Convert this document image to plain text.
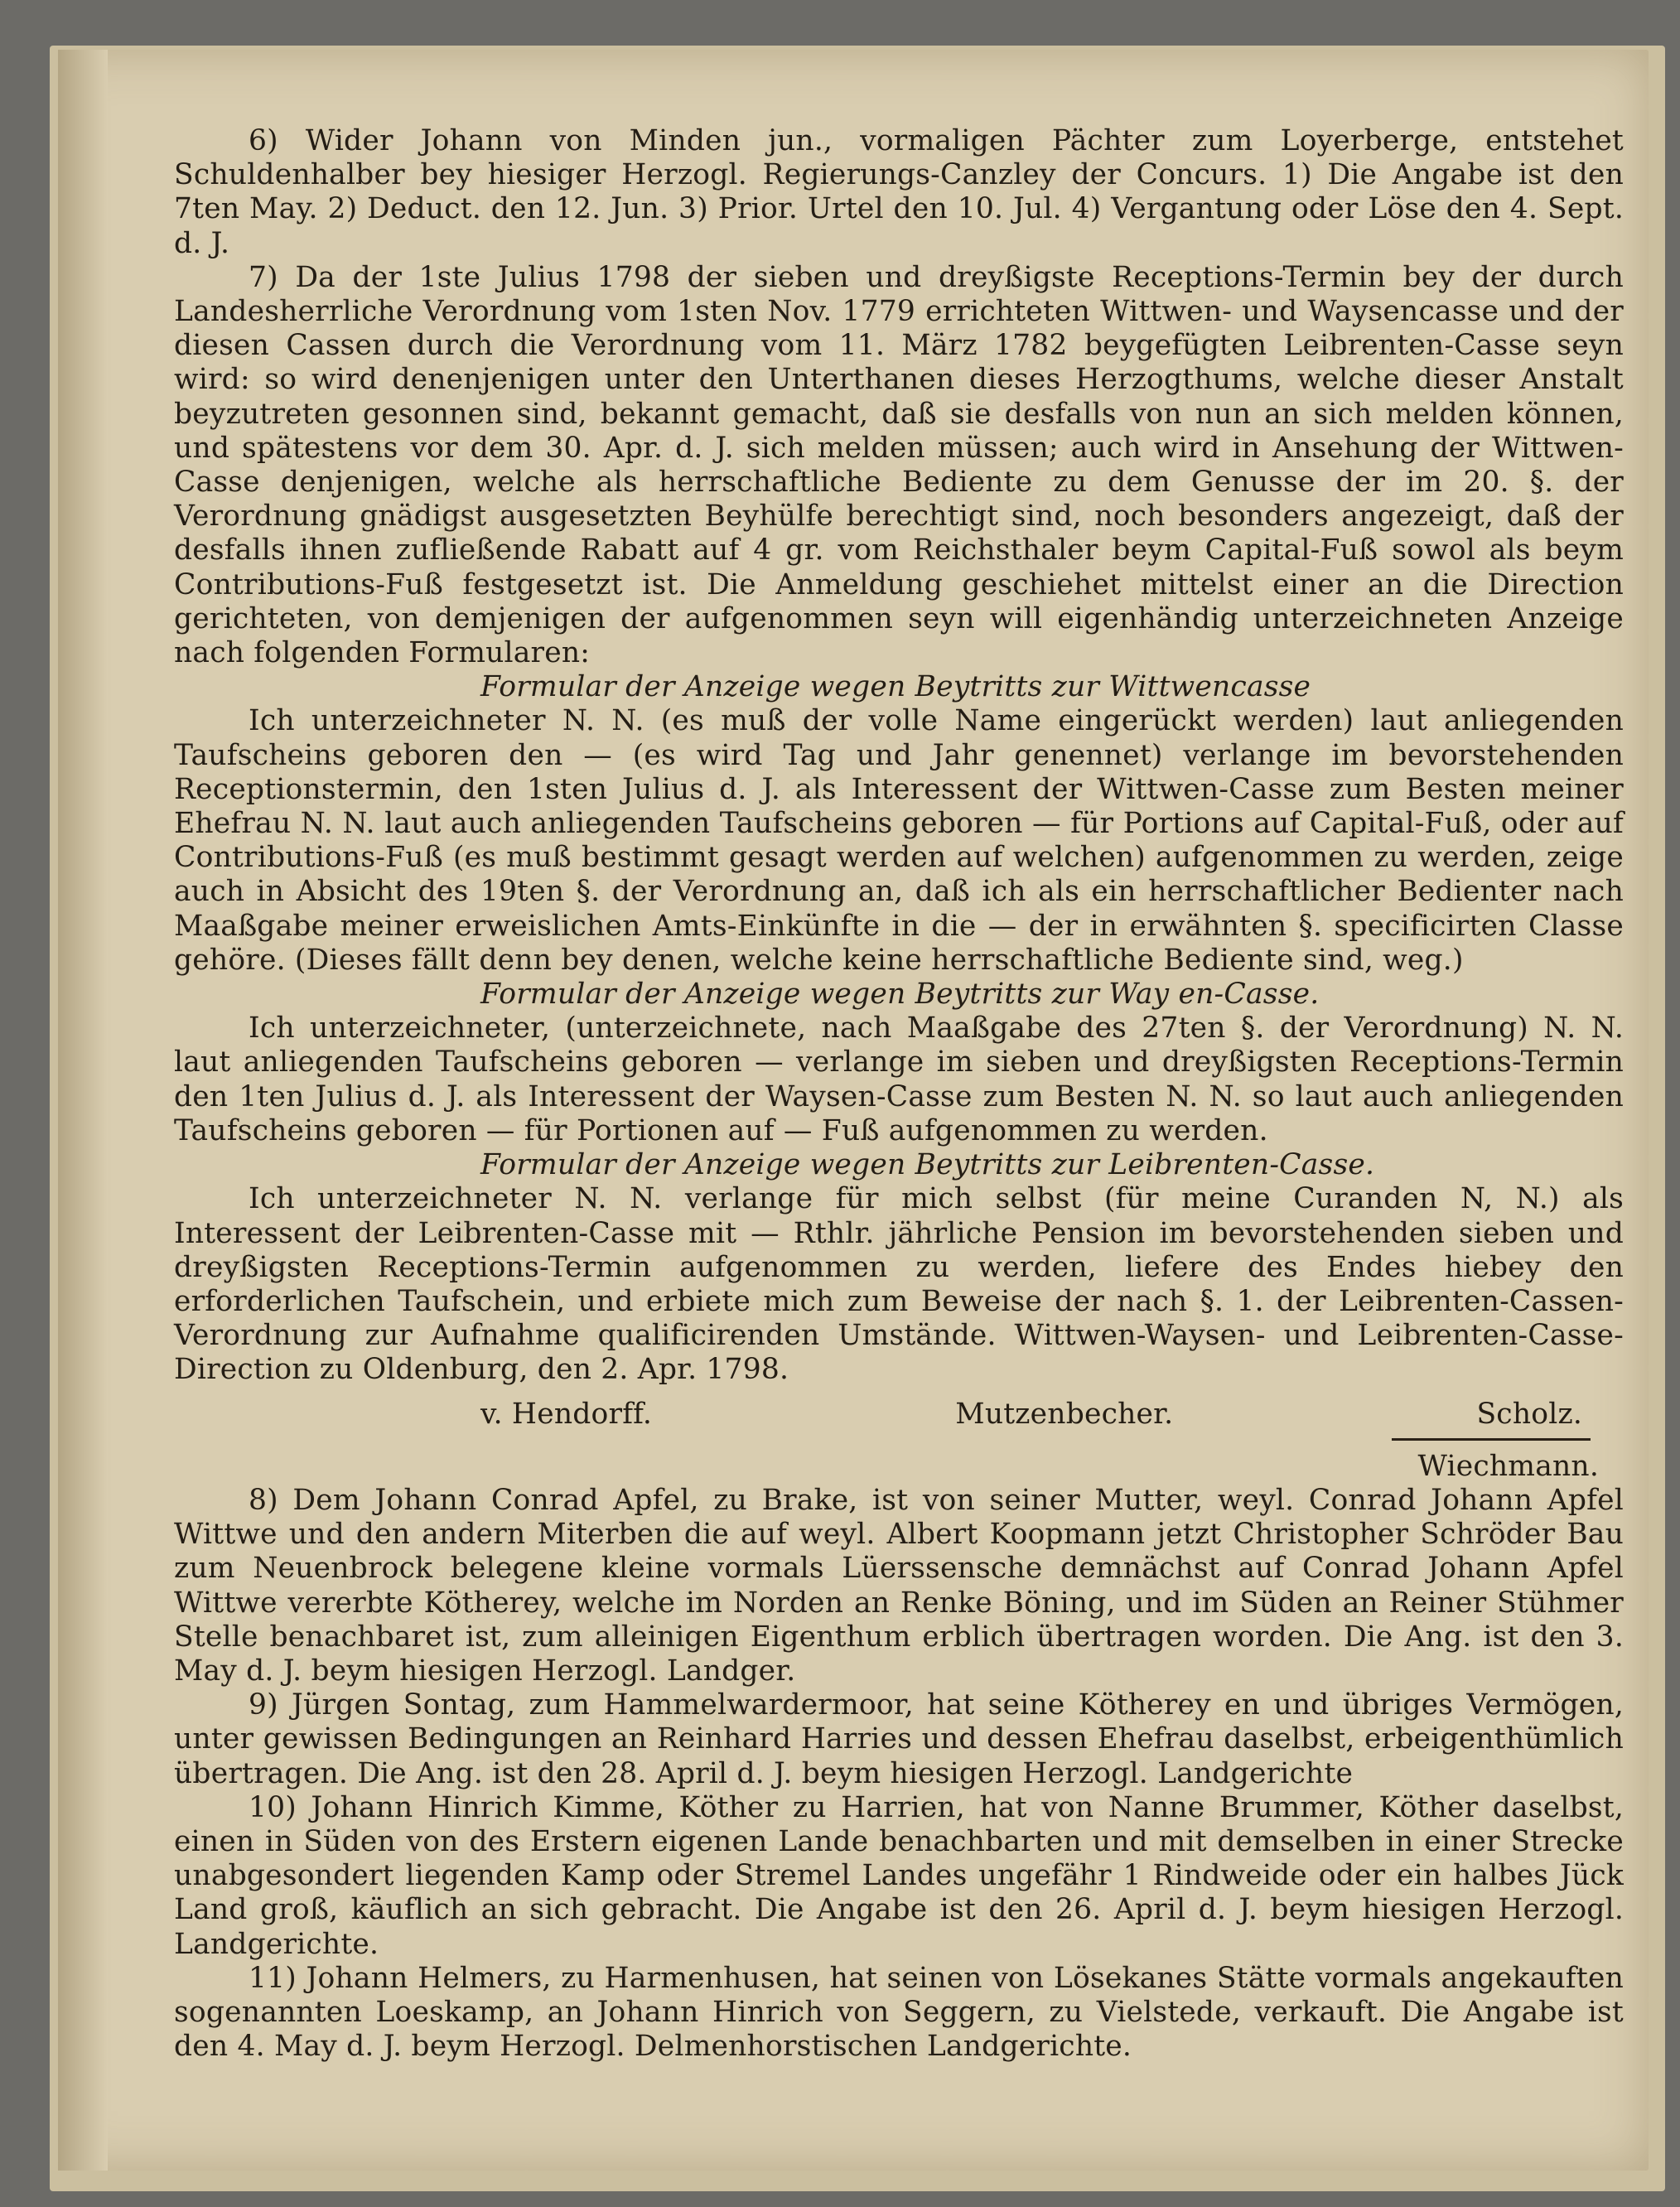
6) Wider Johann von Minden jun., vormaligen Pächter zum Loyerberge, entstehet Schuldenhalber bey hiesiger Herzogl. Regierungs-Canzley der Concurs. 1) Die Angabe ist den 7ten May. 2) Deduct. den 12. Jun. 3) Prior. Urtel den 10. Jul. 4) Vergantung oder Löse den 4. Sept. d. J.

7) Da der 1ste Julius 1798 der sieben und dreyßigste Receptions-Termin bey der durch Landesherrliche Verordnung vom 1sten Nov. 1779 errichteten Wittwen- und Waysencasse und der diesen Cassen durch die Verordnung vom 11. März 1782 beygefügten Leibrenten-Casse seyn wird: so wird denenjenigen unter den Unterthanen dieses Herzogthums, welche dieser Anstalt beyzutreten gesonnen sind, bekannt gemacht, daß sie desfalls von nun an sich melden können, und spätestens vor dem 30. Apr. d. J. sich melden müssen; auch wird in Ansehung der Wittwen-Casse denjenigen, welche als herrschaftliche Bediente zu dem Genusse der im 20. §. der Verordnung gnädigst ausgesetzten Beyhülfe berechtigt sind, noch besonders angezeigt, daß der desfalls ihnen zufließende Rabatt auf 4 gr. vom Reichsthaler beym Capital-Fuß sowol als beym Contributions-Fuß festgesetzt ist. Die Anmeldung geschiehet mittelst einer an die Direction gerichteten, von demjenigen der aufgenommen seyn will eigenhändig unterzeichneten Anzeige nach folgenden Formularen:

Formular der Anzeige wegen Beytritts zur Wittwencasse

Ich unterzeichneter N. N. (es muß der volle Name eingerückt werden) laut anliegenden Taufscheins geboren den — (es wird Tag und Jahr genennet) verlange im bevorstehenden Receptionstermin, den 1sten Julius d. J. als Interessent der Wittwen-Casse zum Besten meiner Ehefrau N. N. laut auch anliegenden Taufscheins geboren — für Portions auf Capital-Fuß, oder auf Contributions-Fuß (es muß bestimmt gesagt werden auf welchen) aufgenommen zu werden, zeige auch in Absicht des 19ten §. der Verordnung an, daß ich als ein herrschaftlicher Bedienter nach Maaßgabe meiner erweislichen Amts-Einkünfte in die — der in erwähnten §. specificirten Classe gehöre. (Dieses fällt denn bey denen, welche keine herrschaftliche Bediente sind, weg.)

Formular der Anzeige wegen Beytritts zur Way en-Casse.

Ich unterzeichneter, (unterzeichnete, nach Maaßgabe des 27ten §. der Verordnung) N. N. laut anliegenden Taufscheins geboren — verlange im sieben und dreyßigsten Receptions-Termin den 1ten Julius d. J. als Interessent der Waysen-Casse zum Besten N. N. so laut auch anliegenden Taufscheins geboren — für Portionen auf — Fuß aufgenommen zu werden.

Formular der Anzeige wegen Beytritts zur Leibrenten-Casse.

Ich unterzeichneter N. N. verlange für mich selbst (für meine Curanden N, N.) als Interessent der Leibrenten-Casse mit — Rthlr. jährliche Pension im bevorstehenden sieben und dreyßigsten Receptions-Termin aufgenommen zu werden, liefere des Endes hiebey den erforderlichen Taufschein, und erbiete mich zum Beweise der nach §. 1. der Leibrenten-Cassen-Verordnung zur Aufnahme qualificirenden Umstände. Wittwen-Waysen- und Leibrenten-Casse-Direction zu Oldenburg, den 2. Apr. 1798.

v. Hendorff.	Mutzenbecher.	Scholz.
Wiechmann.

8) Dem Johann Conrad Apfel, zu Brake, ist von seiner Mutter, weyl. Conrad Johann Apfel Wittwe und den andern Miterben die auf weyl. Albert Koopmann jetzt Christopher Schröder Bau zum Neuenbrock belegene kleine vormals Lüerssensche demnächst auf Conrad Johann Apfel Wittwe vererbte Kötherey, welche im Norden an Renke Böning, und im Süden an Reiner Stühmer Stelle benachbaret ist, zum alleinigen Eigenthum erblich übertragen worden. Die Ang. ist den 3. May d. J. beym hiesigen Herzogl. Landger.

9) Jürgen Sontag, zum Hammelwardermoor, hat seine Kötherey en und übriges Vermögen, unter gewissen Bedingungen an Reinhard Harries und dessen Ehefrau daselbst, erbeigenthümlich übertragen. Die Ang. ist den 28. April d. J. beym hiesigen Herzogl. Landgerichte

10) Johann Hinrich Kimme, Köther zu Harrien, hat von Nanne Brummer, Köther daselbst, einen in Süden von des Erstern eigenen Lande benachbarten und mit demselben in einer Strecke unabgesondert liegenden Kamp oder Stremel Landes ungefähr 1 Rindweide oder ein halbes Jück Land groß, käuflich an sich gebracht. Die Angabe ist den 26. April d. J. beym hiesigen Herzogl. Landgerichte.

11) Johann Helmers, zu Harmenhusen, hat seinen von Lösekanes Stätte vormals angekauften sogenannten Loeskamp, an Johann Hinrich von Seggern, zu Vielstede, verkauft. Die Angabe ist den 4. May d. J. beym Herzogl. Delmenhorstischen Landgerichte.
